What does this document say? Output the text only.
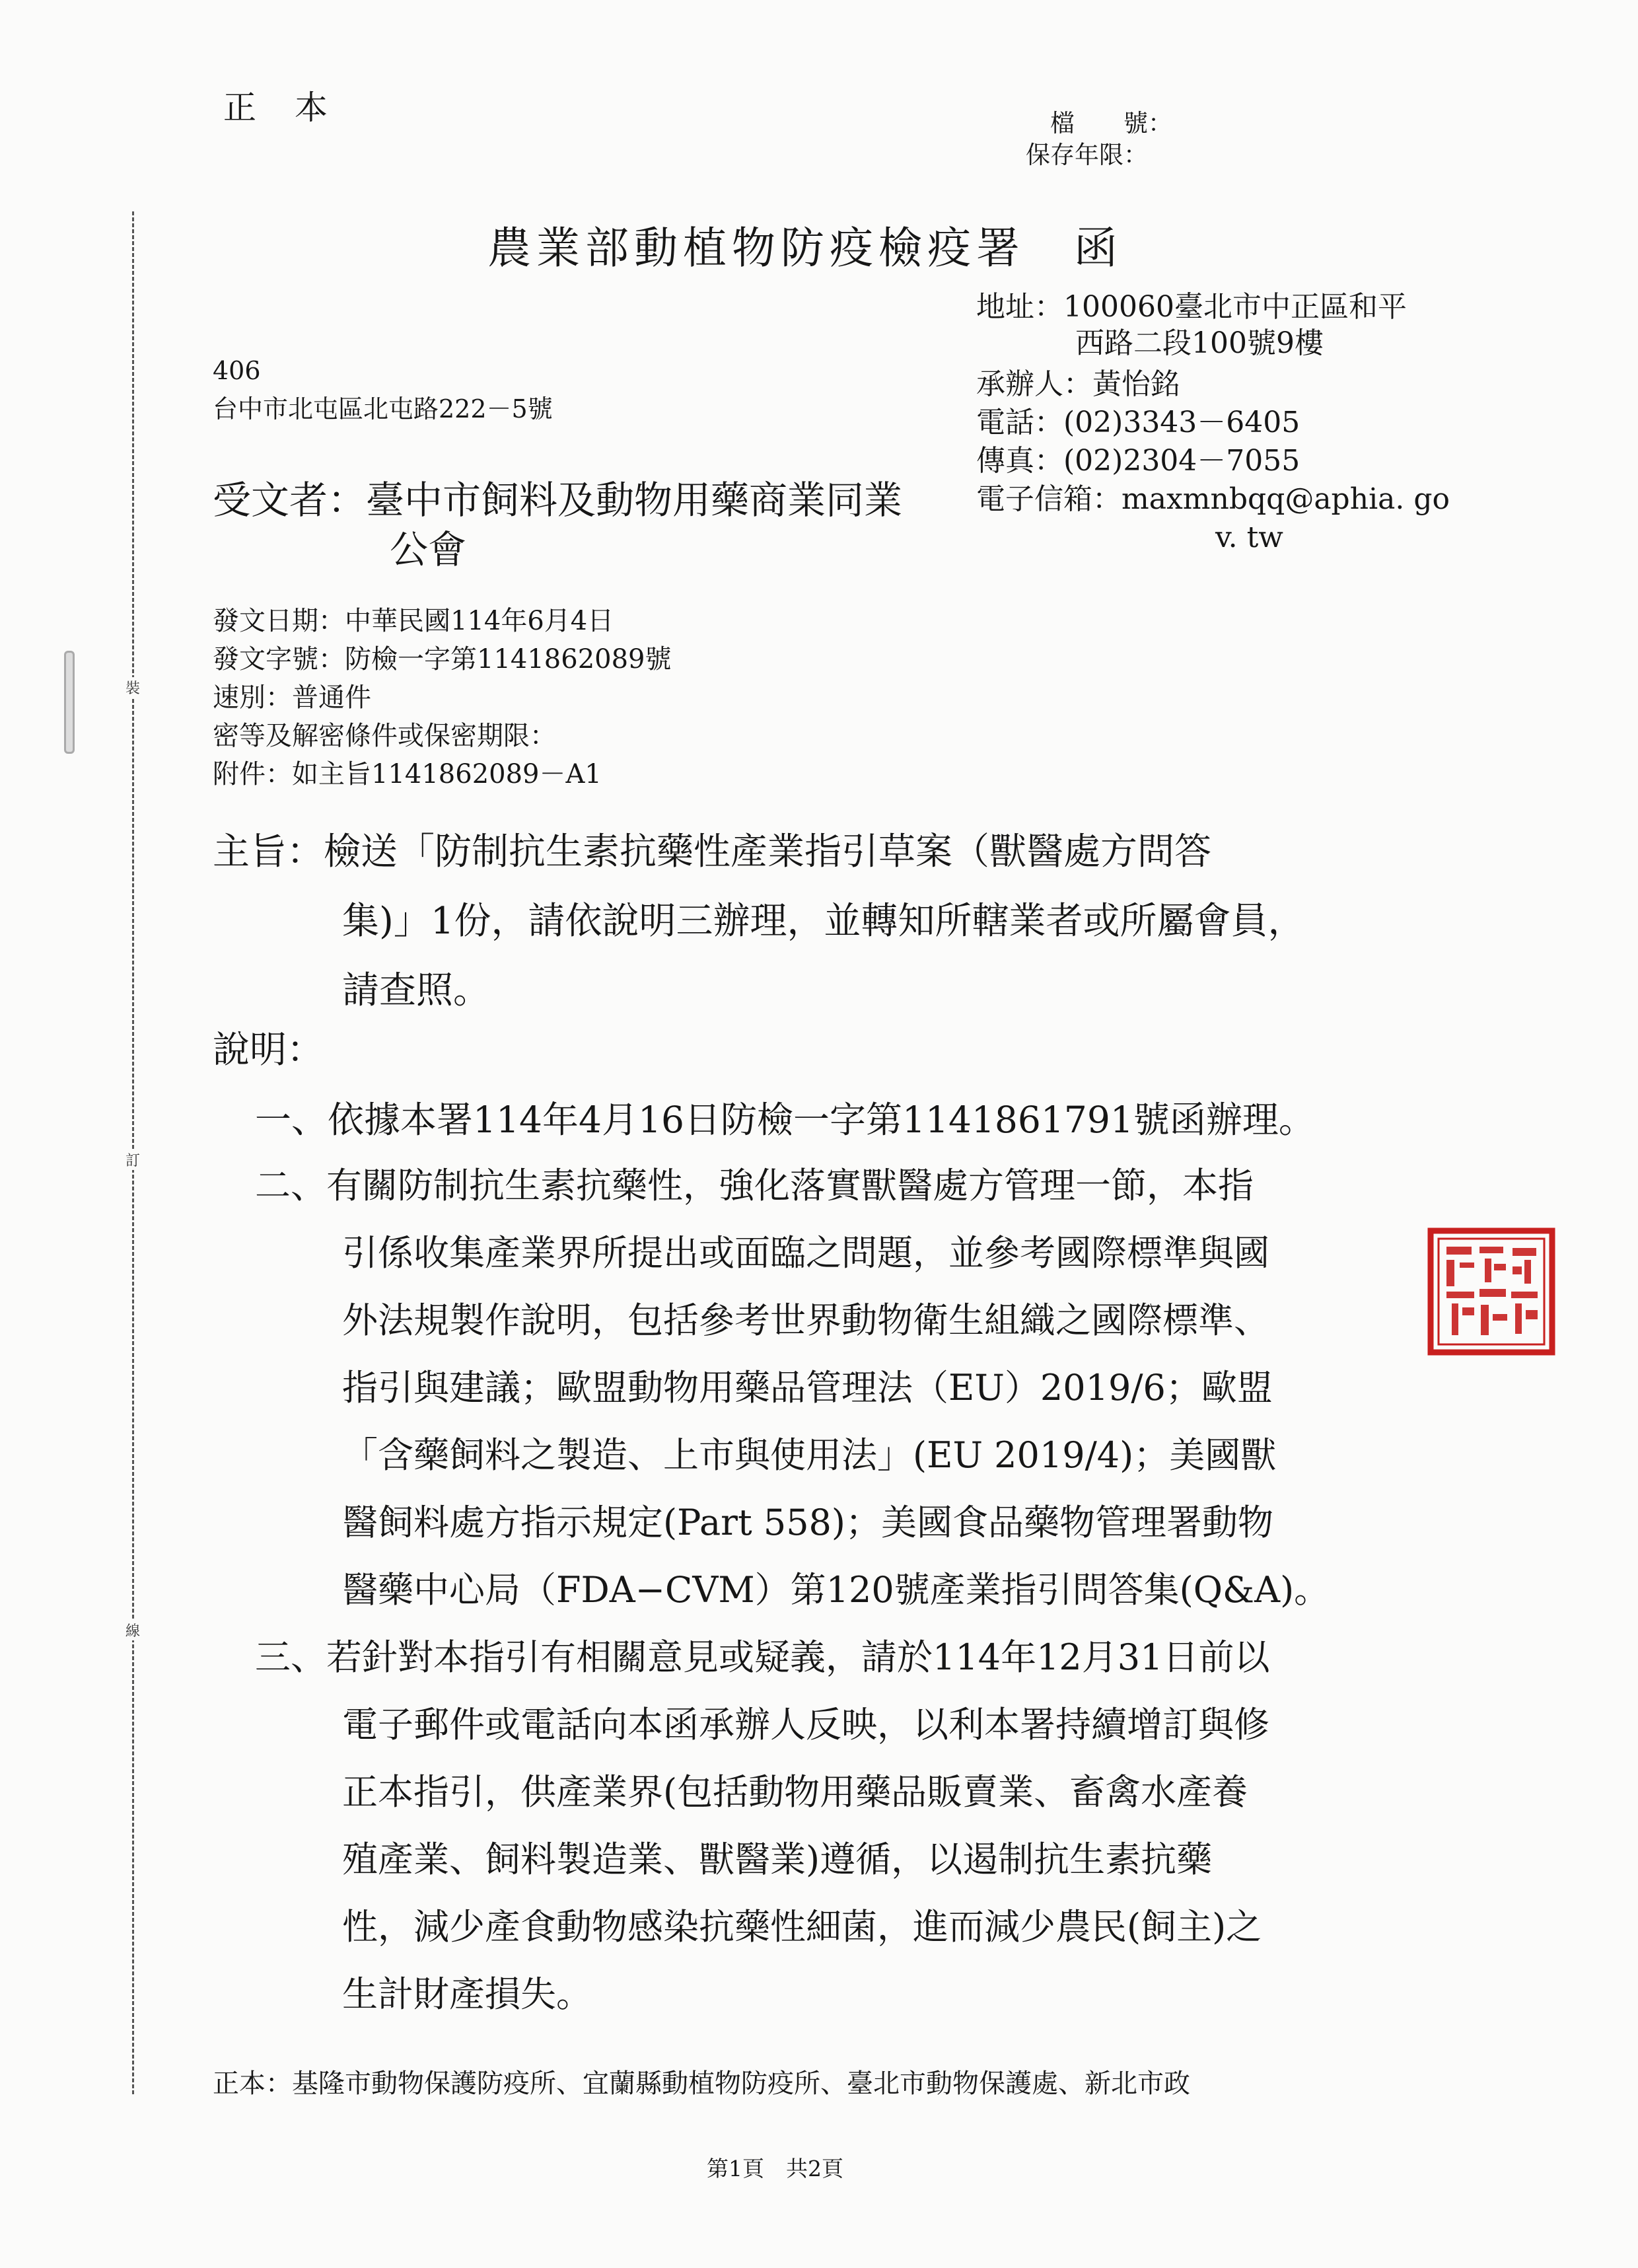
裝
訂
線
正　本	檔　　號：
保存年限：
農業部動植物防疫檢疫署　函
地址：100060臺北市中正區和平
西路二段100號9樓
承辦人：黃怡銘
電話：(02)3343－6405
傳真：(02)2304－7055
電子信箱：maxmnbqq@aphia. go
v. tw
406
台中市北屯區北屯路222－5號
受文者：臺中市飼料及動物用藥商業同業
公會
發文日期：中華民國114年6月4日
發文字號：防檢一字第1141862089號
速別：普通件
密等及解密條件或保密期限：
附件：如主旨1141862089－A1
主旨：檢送「防制抗生素抗藥性產業指引草案（獸醫處方問答
集)」1份，請依說明三辦理，並轉知所轄業者或所屬會員，
請查照。
說明：
一、依據本署114年4月16日防檢一字第1141861791號函辦理。
二、有關防制抗生素抗藥性，強化落實獸醫處方管理一節，本指
引係收集產業界所提出或面臨之問題，並參考國際標準與國
外法規製作說明，包括參考世界動物衛生組織之國際標準、
指引與建議；歐盟動物用藥品管理法（EU）2019/6；歐盟
「含藥飼料之製造、上市與使用法」(EU 2019/4)；美國獸
醫飼料處方指示規定(Part 558)；美國食品藥物管理署動物
醫藥中心局（FDA−CVM）第120號產業指引問答集(Q&A)。
三、若針對本指引有相關意見或疑義，請於114年12月31日前以
電子郵件或電話向本函承辦人反映，以利本署持續增訂與修
正本指引，供產業界(包括動物用藥品販賣業、畜禽水產養
殖產業、飼料製造業、獸醫業)遵循，以遏制抗生素抗藥
性，減少產食動物感染抗藥性細菌，進而減少農民(飼主)之
生計財產損失。
正本：基隆市動物保護防疫所、宜蘭縣動植物防疫所、臺北市動物保護處、新北市政
第1頁　共2頁
